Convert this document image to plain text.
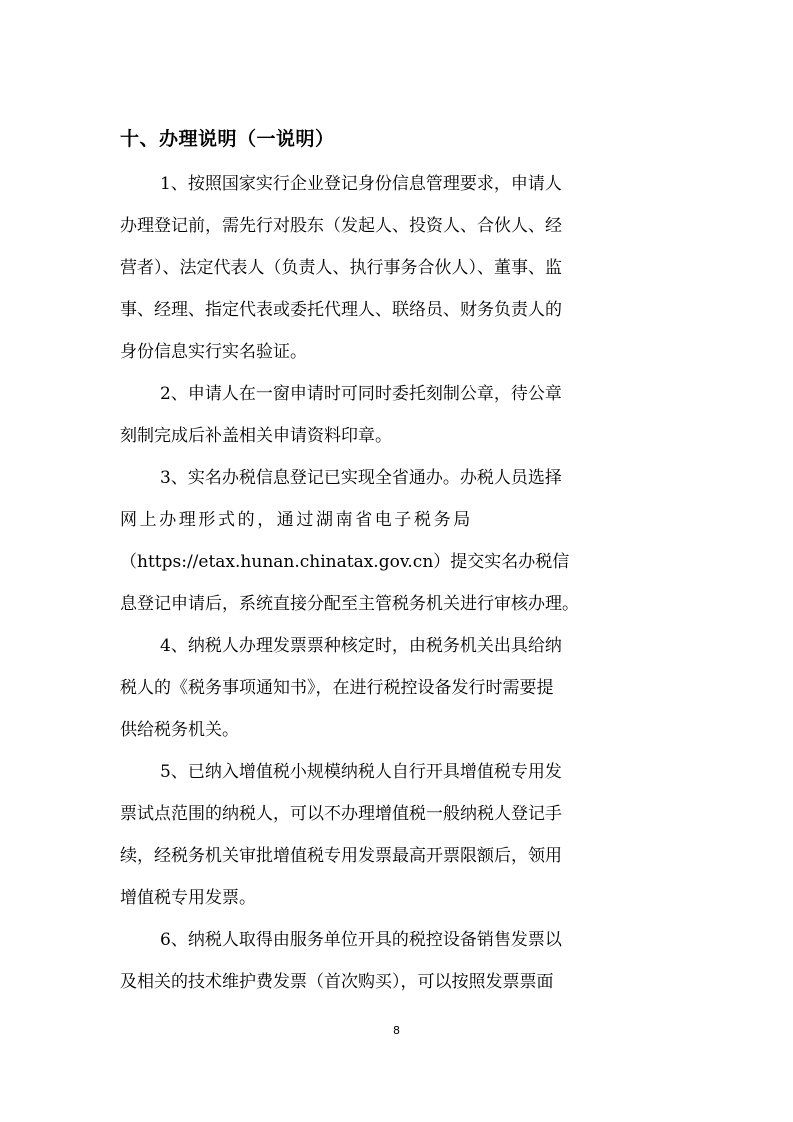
十、办理说明（一说明）
1、按照国家实行企业登记身份信息管理要求，申请人
办理登记前，需先行对股东（发起人、投资人、合伙人、经
营者）、法定代表人（负责人、执行事务合伙人）、董事、监
事、经理、指定代表或委托代理人、联络员、财务负责人的
身份信息实行实名验证。
2、申请人在一窗申请时可同时委托刻制公章，待公章
刻制完成后补盖相关申请资料印章。
3、实名办税信息登记已实现全省通办。办税人员选择
网上办理形式的，通过湖南省电子税务局
（https://etax.hunan.chinatax.gov.cn）提交实名办税信
息登记申请后，系统直接分配至主管税务机关进行审核办理。
4、纳税人办理发票票种核定时，由税务机关出具给纳
税人的《税务事项通知书》，在进行税控设备发行时需要提
供给税务机关。
5、已纳入增值税小规模纳税人自行开具增值税专用发
票试点范围的纳税人，可以不办理增值税一般纳税人登记手
续，经税务机关审批增值税专用发票最高开票限额后，领用
增值税专用发票。
6、纳税人取得由服务单位开具的税控设备销售发票以
及相关的技术维护费发票（首次购买），可以按照发票票面
8
